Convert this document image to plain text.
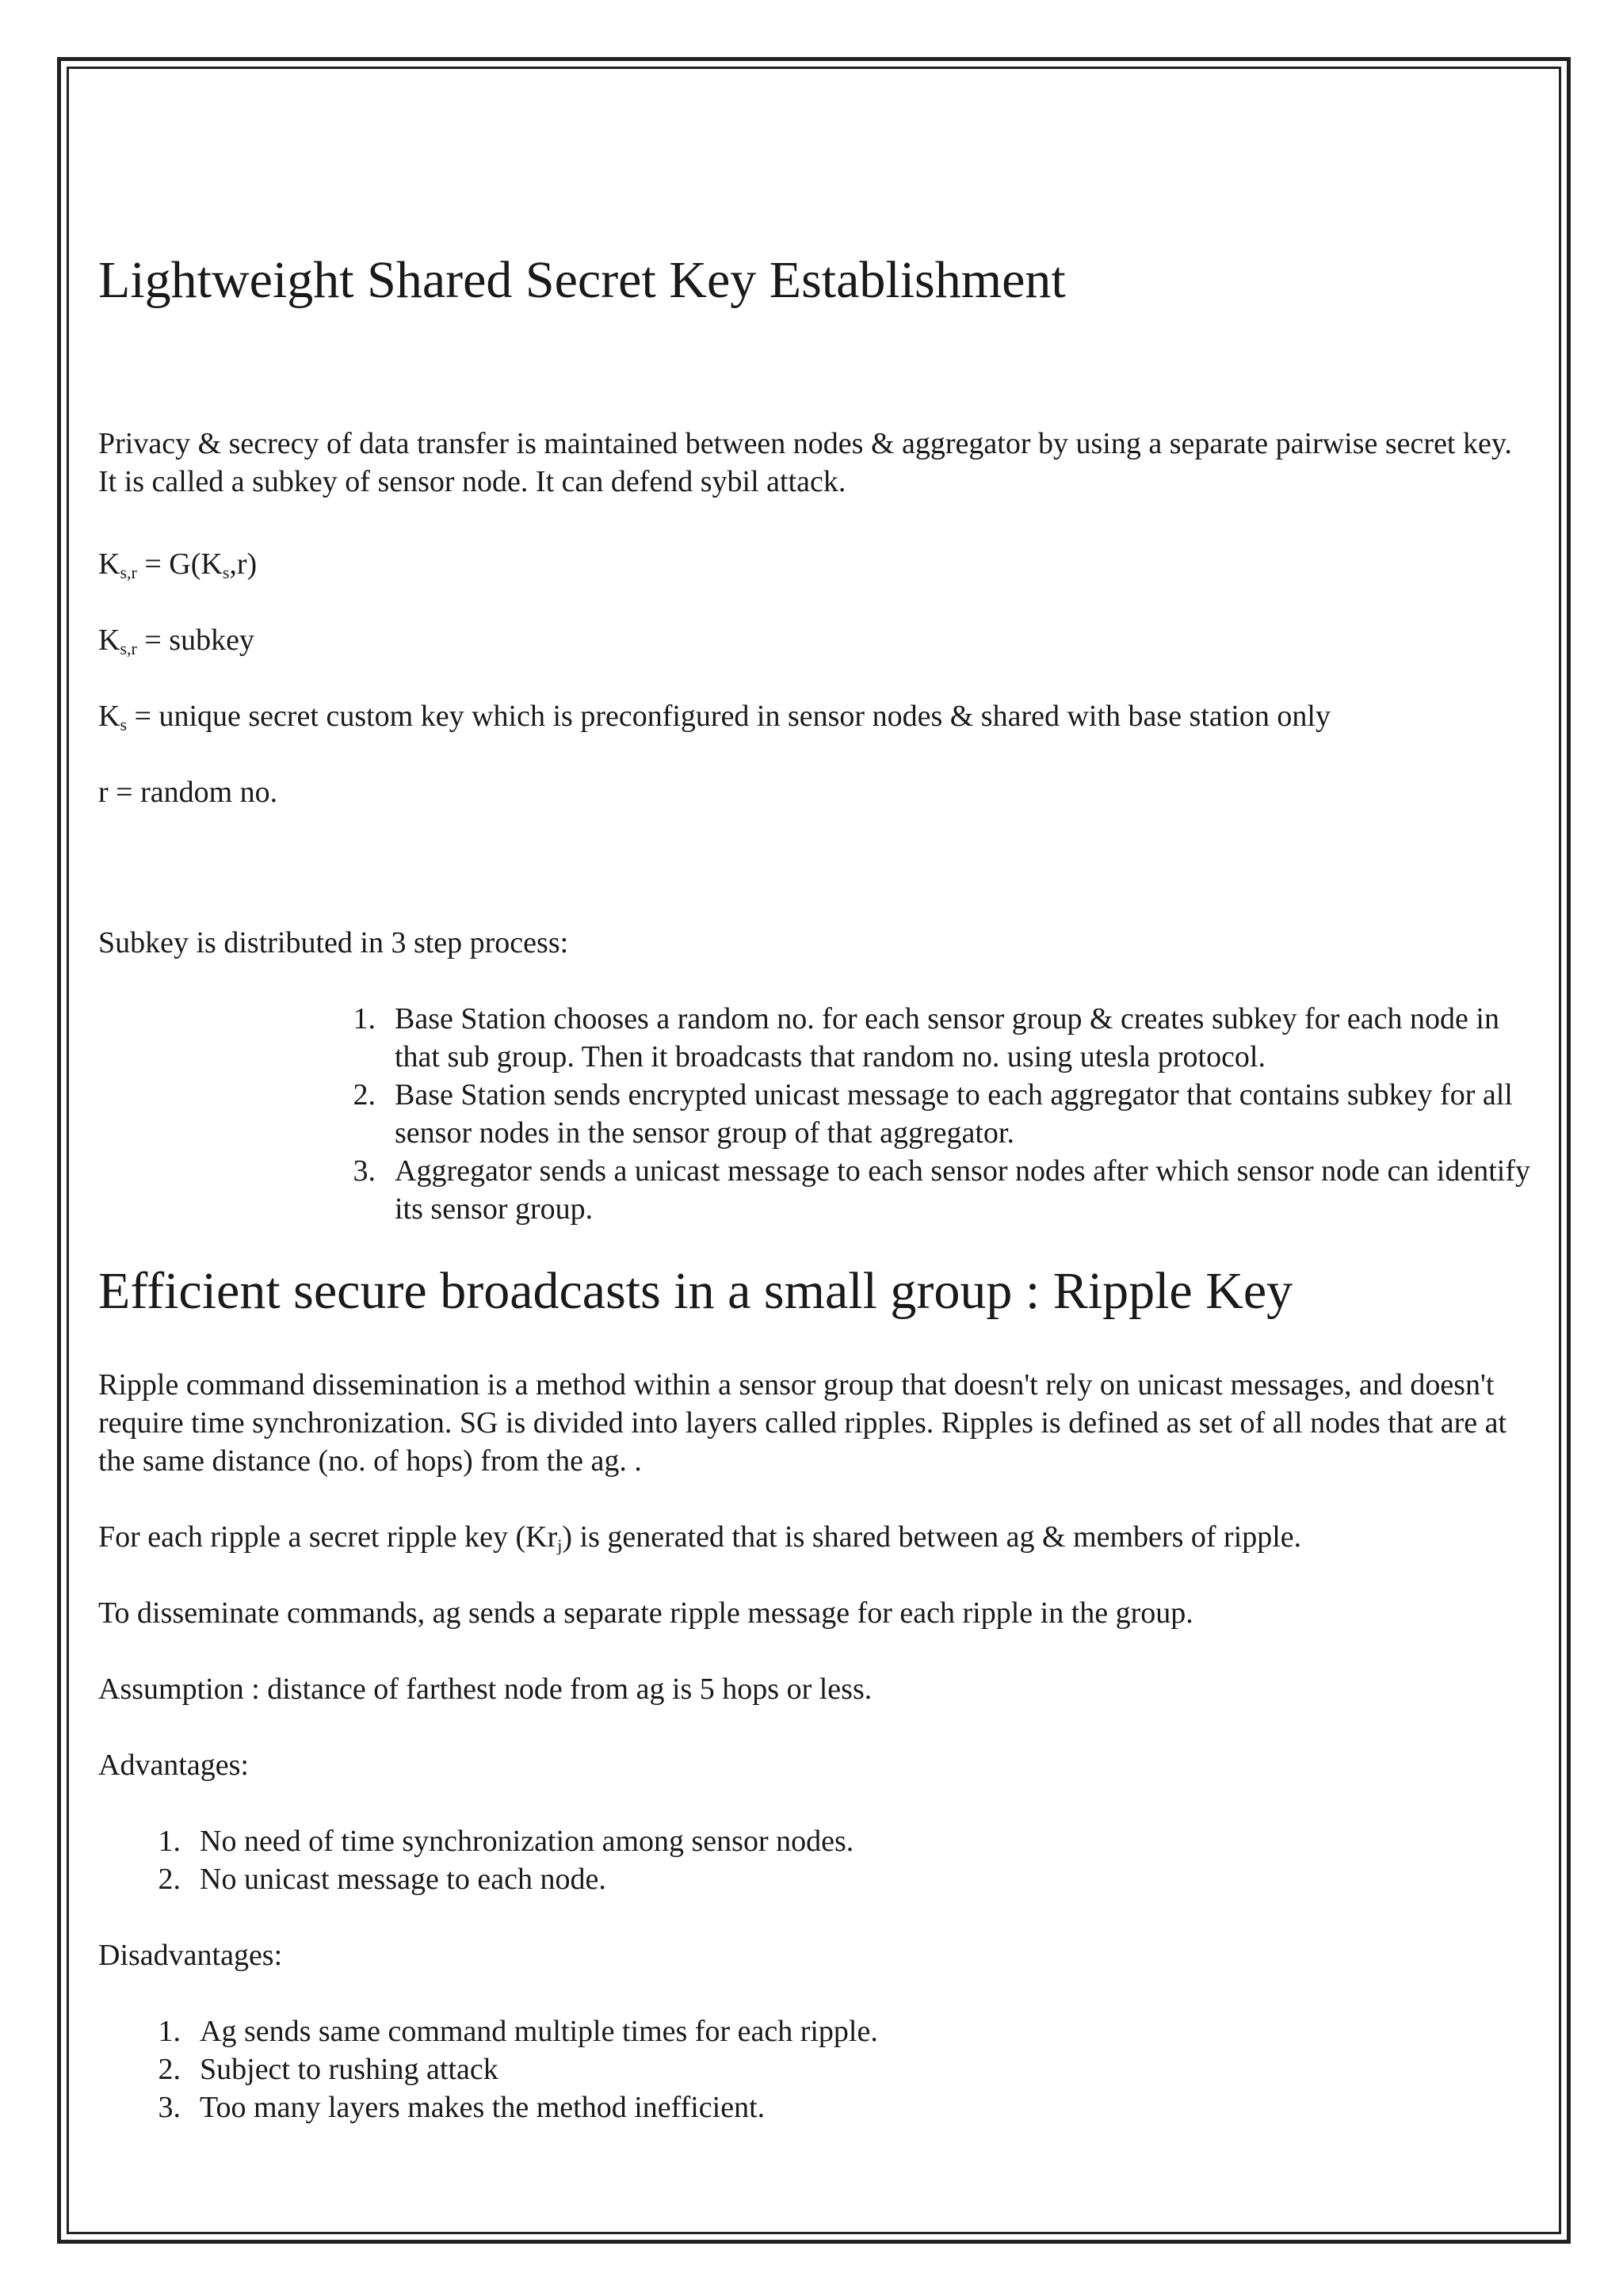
Lightweight Shared Secret Key Establishment

Privacy & secrecy of data transfer is maintained between nodes & aggregator by using a separate pairwise secret key. It is called a subkey of sensor node. It can defend sybil attack.

$K_{s,r} = G(K_s,r)$

$K_{s,r}$ = subkey

$K_s$ = unique secret custom key which is preconfigured in sensor nodes & shared with base station only

r = random no.

Subkey is distributed in 3 step process:

1. Base Station chooses a random no. for each sensor group & creates subkey for each node in that sub group. Then it broadcasts that random no. using utesla protocol.
2. Base Station sends encrypted unicast message to each aggregator that contains subkey for all sensor nodes in the sensor group of that aggregator.
3. Aggregator sends a unicast message to each sensor nodes after which sensor node can identify its sensor group.
Efficient secure broadcasts in a small group : Ripple Key

Ripple command dissemination is a method within a sensor group that doesn't rely on unicast messages, and doesn't require time synchronization. SG is divided into layers called ripples. Ripples is defined as set of all nodes that are at the same distance (no. of hops) from the ag. .

For each ripple a secret ripple key $(Kr_j)$ is generated that is shared between ag & members of ripple.

To disseminate commands, ag sends a separate ripple message for each ripple in the group.

Assumption : distance of farthest node from ag is 5 hops or less.

Advantages:

1. No need of time synchronization among sensor nodes.
2. No unicast message to each node.

Disadvantages:

1. Ag sends same command multiple times for each ripple.
2. Subject to rushing attack
3. Too many layers makes the method inefficient.
